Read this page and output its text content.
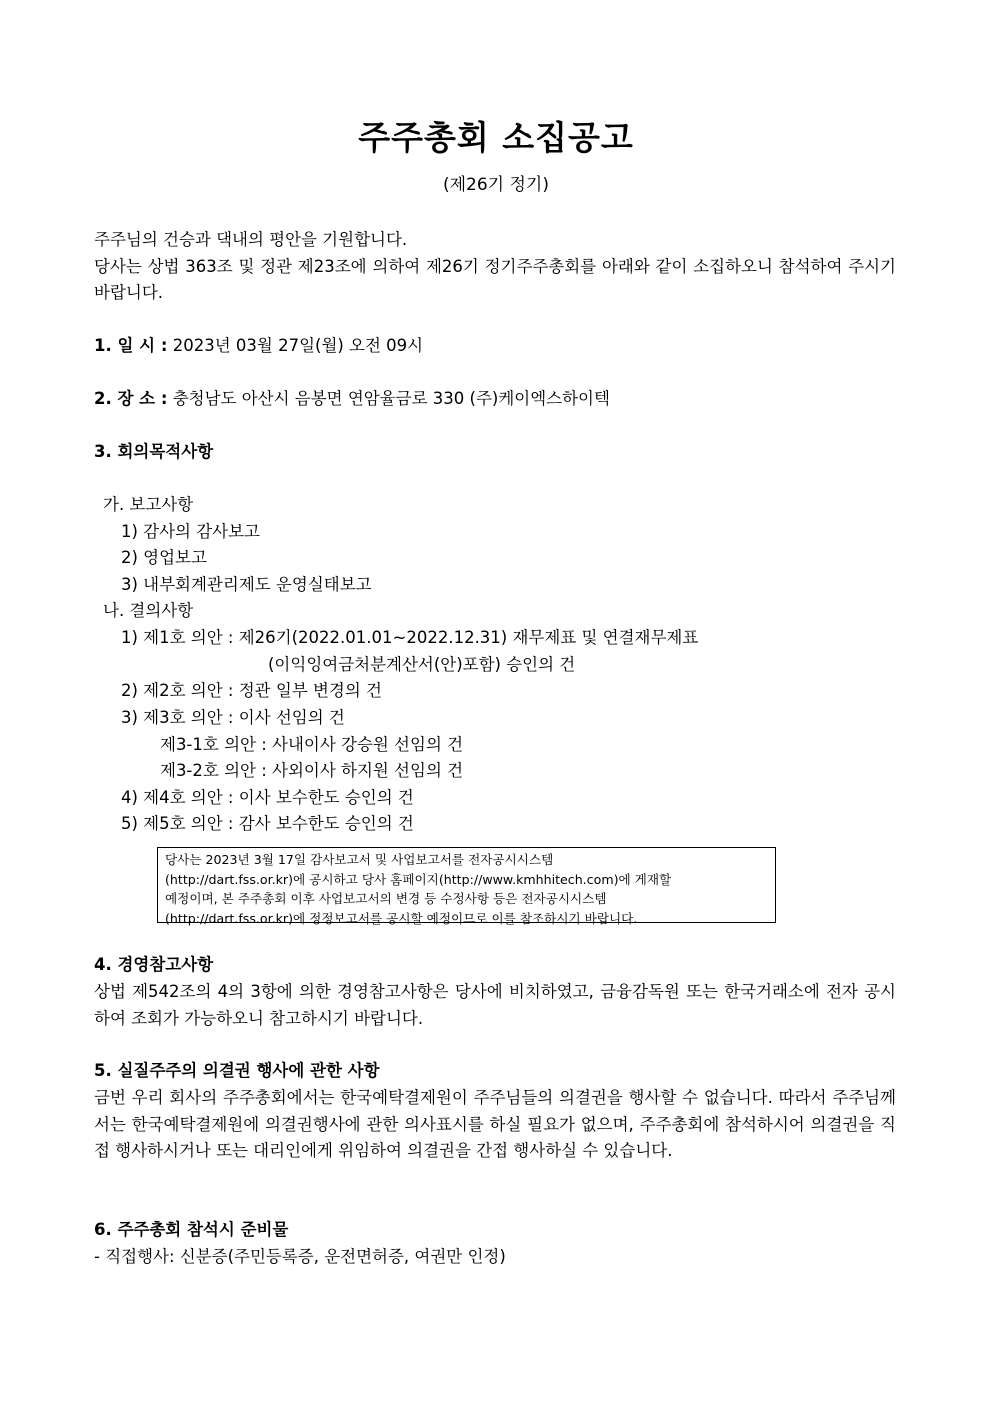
주주총회 소집공고
(제26기 정기)
주주님의 건승과 댁내의 평안을 기원합니다.
당사는 상법 363조 및 정관 제23조에 의하여 제26기 정기주주총회를 아래와 같이 소집하오니 참석하여 주시기 바랍니다.
1. 일 시 : 2023년 03월 27일(월) 오전 09시
2. 장 소 : 충청남도 아산시 음봉면 연암율금로 330 (주)케이엑스하이텍
3. 회의목적사항
가. 보고사항
1) 감사의 감사보고
2) 영업보고
3) 내부회계관리제도 운영실태보고
나. 결의사항
1) 제1호 의안 : 제26기(2022.01.01~2022.12.31) 재무제표 및 연결재무제표
(이익잉여금처분계산서(안)포함) 승인의 건
2) 제2호 의안 : 정관 일부 변경의 건
3) 제3호 의안 : 이사 선임의 건
제3-1호 의안 : 사내이사 강승원 선임의 건
제3-2호 의안 : 사외이사 하지원 선임의 건
4) 제4호 의안 : 이사 보수한도 승인의 건
5) 제5호 의안 : 감사 보수한도 승인의 건
당사는 2023년 3월 17일 감사보고서 및 사업보고서를 전자공시시스템
(http://dart.fss.or.kr)에 공시하고 당사 홈페이지(http://www.kmhhitech.com)에 게재할
예정이며, 본 주주총회 이후 사업보고서의 변경 등 수정사항 등은 전자공시시스템
(http://dart.fss.or.kr)에 정정보고서를 공시할 예정이므로 이를 참조하시기 바랍니다.
4. 경영참고사항
상법 제542조의 4의 3항에 의한 경영참고사항은 당사에 비치하였고, 금융감독원 또는 한국거래소에 전자 공시하여 조회가 가능하오니 참고하시기 바랍니다.
5. 실질주주의 의결권 행사에 관한 사항
금번 우리 회사의 주주총회에서는 한국예탁결제원이 주주님들의 의결권을 행사할 수 없습니다. 따라서 주주님께서는 한국예탁결제원에 의결권행사에 관한 의사표시를 하실 필요가 없으며, 주주총회에 참석하시어 의결권을 직접 행사하시거나 또는 대리인에게 위임하여 의결권을 간접 행사하실 수 있습니다.
6. 주주총회 참석시 준비물
- 직접행사: 신분증(주민등록증, 운전면허증, 여권만 인정)
